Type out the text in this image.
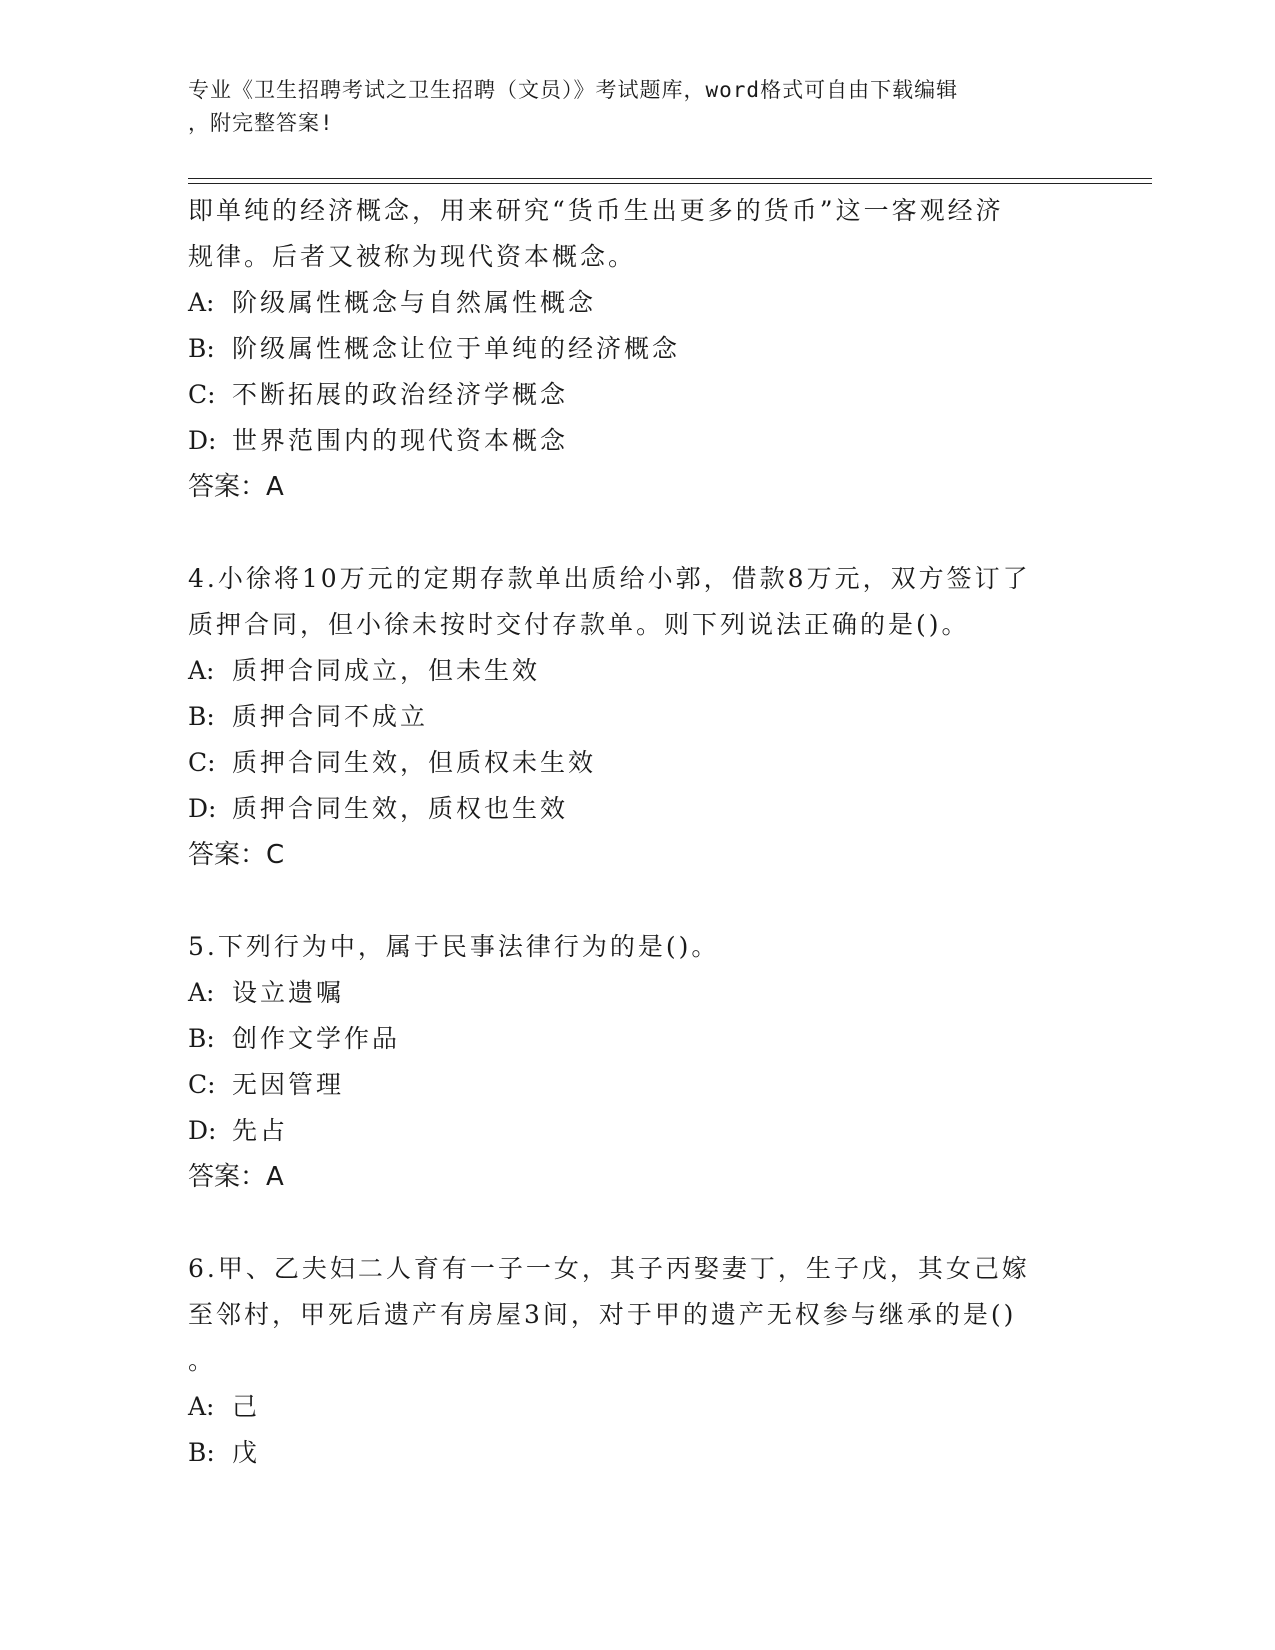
专业《卫生招聘考试之卫生招聘（文员）》考试题库，word格式可自由下载编辑
，附完整答案!
即单纯的经济概念，用来研究“货币生出更多的货币”这一客观经济
规律。后者又被称为现代资本概念。
A: 阶级属性概念与自然属性概念
B: 阶级属性概念让位于单纯的经济概念
C: 不断拓展的政治经济学概念
D: 世界范围内的现代资本概念
答案：A
4.小徐将10万元的定期存款单出质给小郭，借款8万元，双方签订了
质押合同，但小徐未按时交付存款单。则下列说法正确的是()。
A: 质押合同成立，但未生效
B: 质押合同不成立
C: 质押合同生效，但质权未生效
D: 质押合同生效，质权也生效
答案：C
5.下列行为中，属于民事法律行为的是()。
A: 设立遗嘱
B: 创作文学作品
C: 无因管理
D: 先占
答案：A
6.甲、乙夫妇二人育有一子一女，其子丙娶妻丁，生子戊，其女己嫁
至邻村，甲死后遗产有房屋3间，对于甲的遗产无权参与继承的是()
。
A: 己
B: 戊
